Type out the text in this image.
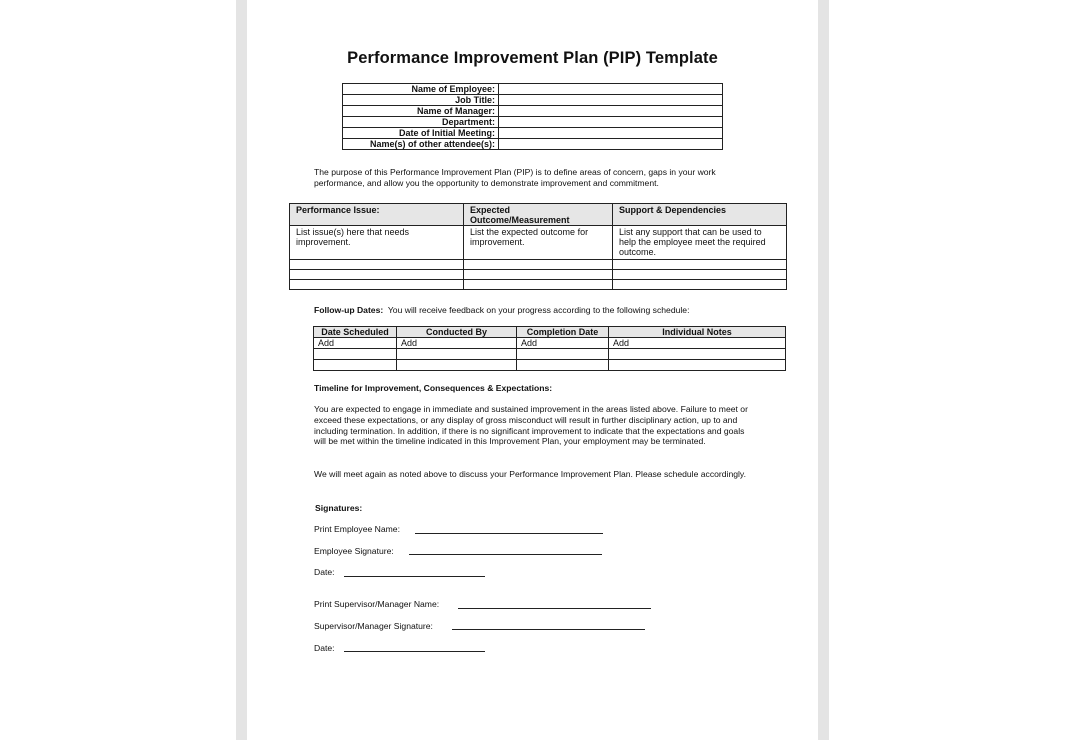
Performance Improvement Plan (PIP) Template
Name of Employee:	
Job Title:	
Name of Manager:	
Department:	
Date of Initial Meeting:	
Name(s) of other attendee(s):	
The purpose of this Performance Improvement Plan (PIP) is to define areas of concern, gaps in your work performance, and allow you the opportunity to demonstrate improvement and commitment.
Performance Issue:	Expected Outcome/Measurement	Support & Dependencies
List issue(s) here that needs improvement.	List the expected outcome for improvement.	List any support that can be used to help the employee meet the required outcome.

Follow-up Dates: You will receive feedback on your progress according to the following schedule:
Date Scheduled	Conducted By	Completion Date	Individual Notes
Add	Add	Add	Add

Timeline for Improvement, Consequences & Expectations:
You are expected to engage in immediate and sustained improvement in the areas listed above. Failure to meet or exceed these expectations, or any display of gross misconduct will result in further disciplinary action, up to and including termination. In addition, if there is no significant improvement to indicate that the expectations and goals will be met within the timeline indicated in this Improvement Plan, your employment may be terminated.
We will meet again as noted above to discuss your Performance Improvement Plan. Please schedule accordingly.
Signatures:
Print Employee Name:
Employee Signature:
Date:
Print Supervisor/Manager Name:
Supervisor/Manager Signature:
Date:
